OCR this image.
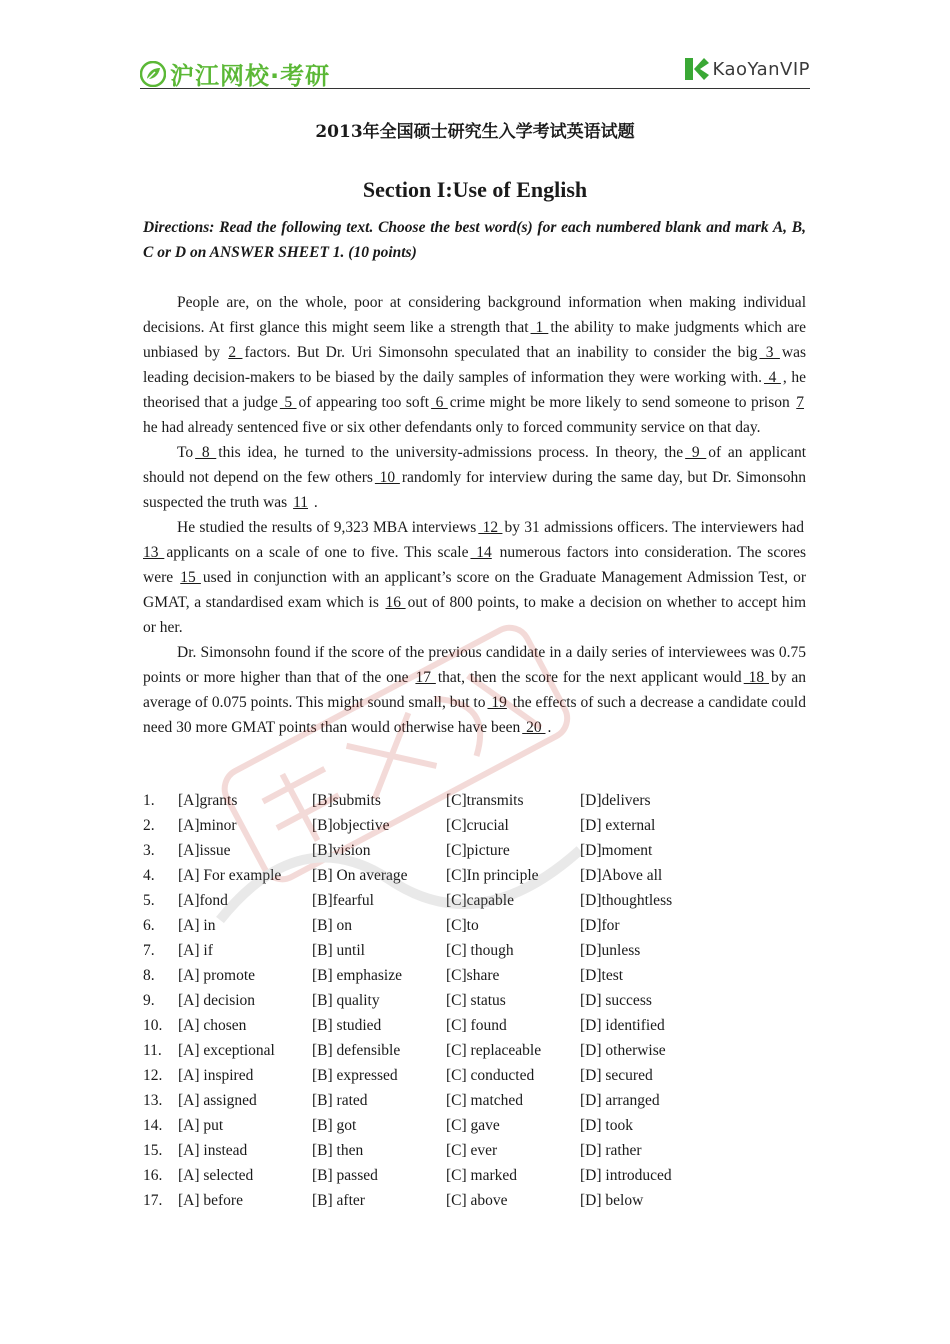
沪江网校·考研	KaoYanVIP
2013年全国硕士研究生入学考试英语试题
Section I:Use of English
Directions: Read the following text. Choose the best word(s) for each numbered blank and mark A, B, C or D on ANSWER SHEET 1. (10 points)

People are, on the whole, poor at considering background information when making individual decisions. At first glance this might seem like a strength that 1 the ability to make judgments which are unbiased by 2 factors. But Dr. Uri Simonsohn speculated that an inability to consider the big 3 was leading decision-makers to be biased by the daily samples of information they were working with. 4 , he theorised that a judge 5 of appearing too soft 6 crime might be more likely to send someone to prison 7 he had already sentenced five or six other defendants only to forced community service on that day.

To 8 this idea, he turned to the university-admissions process. In theory, the 9 of an applicant should not depend on the few others 10 randomly for interview during the same day, but Dr. Simonsohn suspected the truth was 11 .

He studied the results of 9,323 MBA interviews 12 by 31 admissions officers. The interviewers had 13 applicants on a scale of one to five. This scale 14 numerous factors into consideration. The scores were 15 used in conjunction with an applicant’s score on the Graduate Management Admission Test, or GMAT, a standardised exam which is 16 out of 800 points, to make a decision on whether to accept him or her.

Dr. Simonsohn found if the score of the previous candidate in a daily series of interviewees was 0.75 points or more higher than that of the one 17 that, then the score for the next applicant would 18 by an average of 0.075 points. This might sound small, but to 19 the effects of such a decrease a candidate could need 30 more GMAT points than would otherwise have been 20 .

1. [A]grants	[B]submits	[C]transmits	[D]delivers
2. [A]minor	[B]objective	[C]crucial	[D] external
3. [A]issue	[B]vision	[C]picture	[D]moment
4. [A] For example [B] On average [C]In principle	[D]Above all
5. [A]fond	[B]fearful	[C]capable	[D]thoughtless
6. [A] in	[B] on	[C]to	[D]for
7. [A] if	[B] until	[C] though	[D]unless
8. [A] promote	[B] emphasize	[C]share	[D]test
9. [A] decision	[B] quality	[C] status	[D] success
10. [A] chosen	[B] studied	[C] found	[D] identified
11. [A] exceptional [B] defensible	[C] replaceable	[D] otherwise
12. [A] inspired	[B] expressed	[C] conducted	[D] secured
13. [A] assigned	[B] rated	[C] matched	[D] arranged
14. [A] put	[B] got	[C] gave	[D] took
15. [A] instead	[B] then	[C] ever	[D] rather
16. [A] selected	[B] passed	[C] marked	[D] introduced
17. [A] before	[B] after	[C] above	[D] below
